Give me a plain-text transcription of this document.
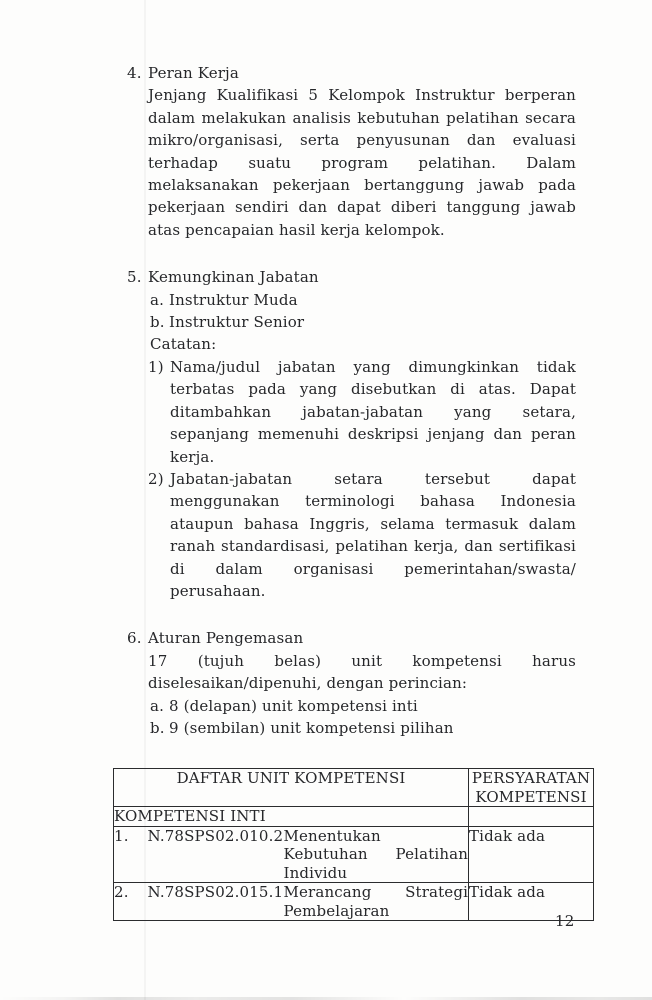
4. Peran Kerja

Jenjang Kualifikasi 5 Kelompok Instruktur berperan dalam melakukan analisis kebutuhan pelatihan secara mikro/organisasi, serta penyusunan dan evaluasi terhadap suatu program pelatihan. Dalam melaksanakan pekerjaan bertanggung jawab pada pekerjaan sendiri dan dapat diberi tanggung jawab atas pencapaian hasil kerja kelompok.

5. Kemungkinan Jabatan
a. Instruktur Muda
b. Instruktur Senior
Catatan:
1) Nama/judul jabatan yang dimungkinkan tidak terbatas pada yang disebutkan di atas. Dapat ditambahkan jabatan-jabatan yang setara, sepanjang memenuhi deskripsi jenjang dan peran kerja.
2) Jabatan-jabatan setara tersebut dapat menggunakan terminologi bahasa Indonesia ataupun bahasa Inggris, selama termasuk dalam ranah standardisasi, pelatihan kerja, dan sertifikasi di dalam organisasi pemerintahan/swasta/ perusahaan.
6. Aturan Pengemasan

17 (tujuh belas) unit kompetensi harus diselesaikan/dipenuhi, dengan perincian:

a. 8 (delapan) unit kompetensi inti
b. 9 (sembilan) unit kompetensi pilihan
DAFTAR UNIT KOMPETENSI			PERSYARATAN KOMPETENSI
KOMPETENSI INTI			
1.	N.78SPS02.010.2	Menentukan Kebutuhan Pelatihan Individu	Tidak ada
2.	N.78SPS02.015.1	Merancang Strategi Pembelajaran	Tidak ada
12
